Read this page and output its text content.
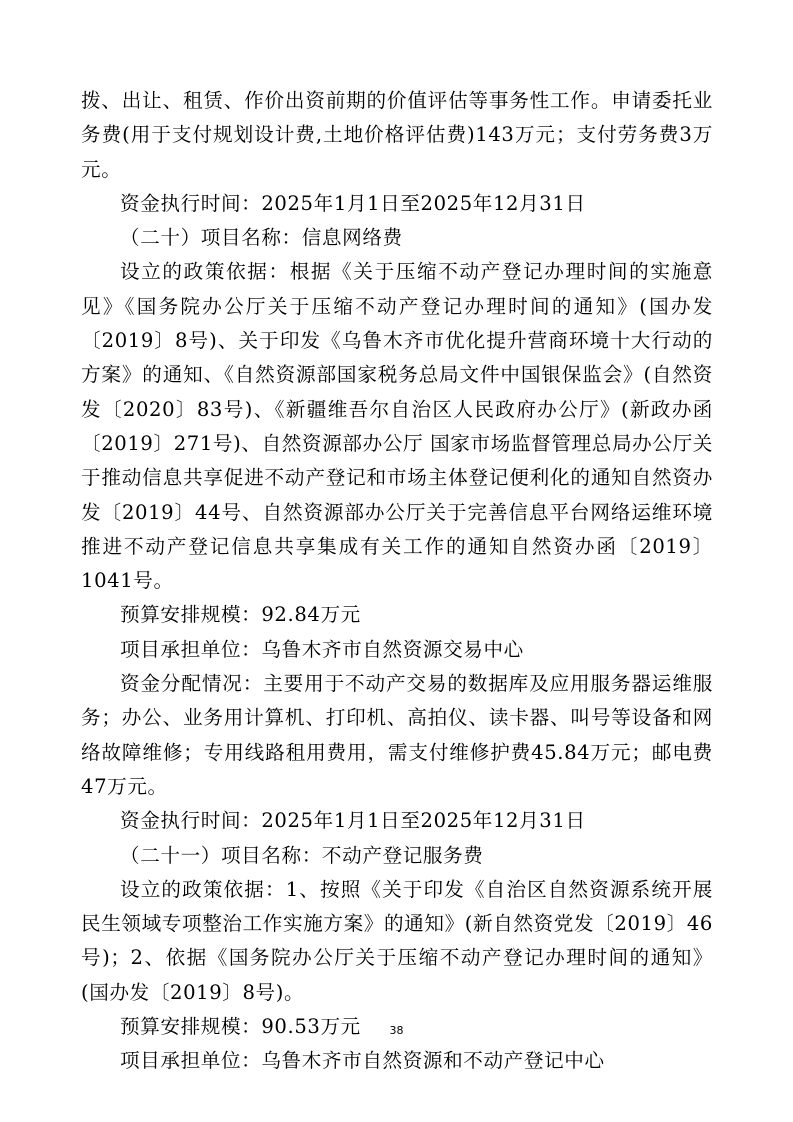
拨、出让、租赁、作价出资前期的价值评估等事务性工作。申请委托业务费(用于支付规划设计费,土地价格评估费)143万元；支付劳务费3万元。

资金执行时间：2025年1月1日至2025年12月31日

（二十）项目名称：信息网络费

设立的政策依据：根据《关于压缩不动产登记办理时间的实施意见》《国务院办公厅关于压缩不动产登记办理时间的通知》(国办发〔2019〕8号)、关于印发《乌鲁木齐市优化提升营商环境十大行动的方案》的通知、《自然资源部国家税务总局文件中国银保监会》(自然资发〔2020〕83号)、《新疆维吾尔自治区人民政府办公厅》(新政办函〔2019〕271号)、自然资源部办公厅 国家市场监督管理总局办公厅关于推动信息共享促进不动产登记和市场主体登记便利化的通知自然资办发〔2019〕44号、自然资源部办公厅关于完善信息平台网络运维环境推进不动产登记信息共享集成有关工作的通知自然资办函〔2019〕1041号。

预算安排规模：92.84万元

项目承担单位：乌鲁木齐市自然资源交易中心

资金分配情况：主要用于不动产交易的数据库及应用服务器运维服务；办公、业务用计算机、打印机、高拍仪、读卡器、叫号等设备和网络故障维修；专用线路租用费用，需支付维修护费45.84万元；邮电费47万元。

资金执行时间：2025年1月1日至2025年12月31日

（二十一）项目名称：不动产登记服务费

设立的政策依据：1、按照《关于印发《自治区自然资源系统开展民生领域专项整治工作实施方案》的通知》(新自然资党发〔2019〕46号)；2、依据《国务院办公厅关于压缩不动产登记办理时间的通知》(国办发〔2019〕8号)。

预算安排规模：90.53万元

项目承担单位：乌鲁木齐市自然资源和不动产登记中心

38
